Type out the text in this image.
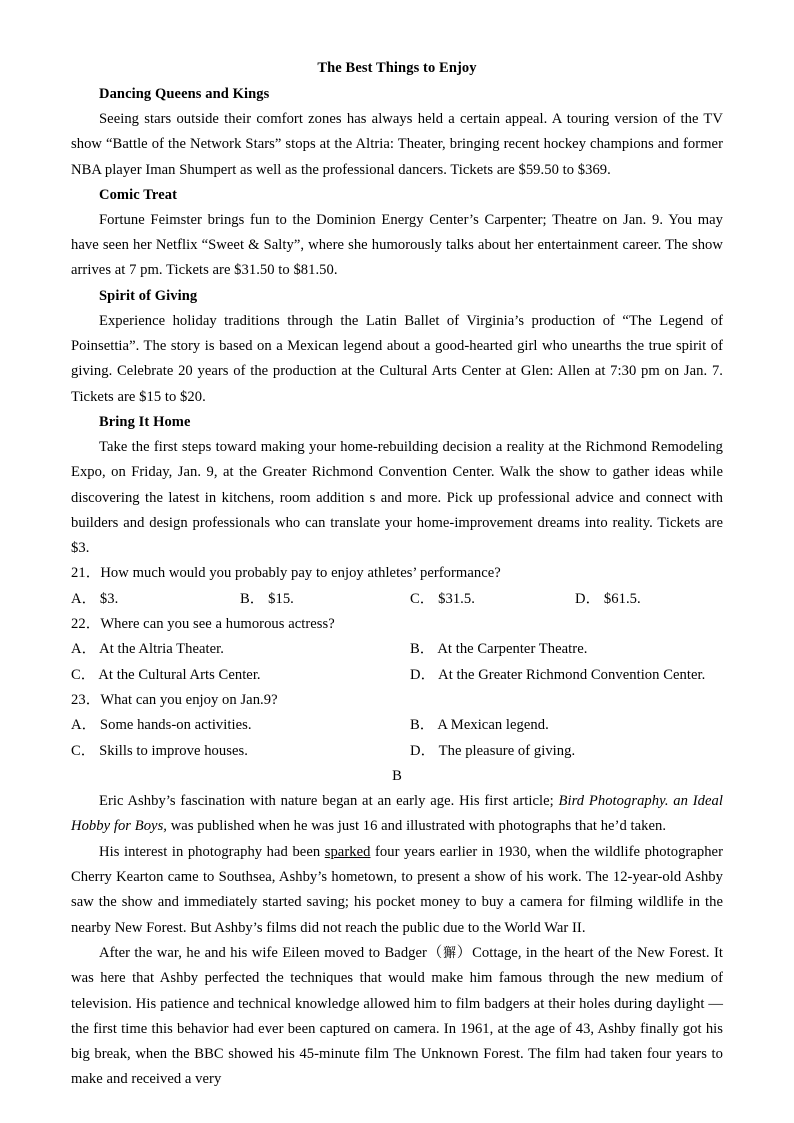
The Best Things to Enjoy
Dancing Queens and Kings

Seeing stars outside their comfort zones has always held a certain appeal. A touring version of the TV show “Battle of the Network Stars” stops at the Altria: Theater, bringing recent hockey champions and former NBA player Iman Shumpert as well as the professional dancers. Tickets are $59.50 to $369.

Comic Treat

Fortune Feimster brings fun to the Dominion Energy Center’s Carpenter; Theatre on Jan. 9. You may have seen her Netflix “Sweet & Salty”, where she humorously talks about her entertainment career. The show arrives at 7 pm. Tickets are $31.50 to $81.50.

Spirit of Giving

Experience holiday traditions through the Latin Ballet of Virginia’s production of “The Legend of Poinsettia”. The story is based on a Mexican legend about a good-hearted girl who unearths the true spirit of giving. Celebrate 20 years of the production at the Cultural Arts Center at Glen: Allen at 7:30 pm on Jan. 7. Tickets are $15 to $20.

Bring It Home

Take the first steps toward making your home-rebuilding decision a reality at the Richmond Remodeling Expo, on Friday, Jan. 9, at the Greater Richmond Convention Center. Walk the show to gather ideas while discovering the latest in kitchens, room addition s and more. Pick up professional advice and connect with builders and design professionals who can translate your home-improvement dreams into reality. Tickets are $3.

21．How much would you probably pay to enjoy athletes’ performance?
A． $3.	B． $15.	C． $31.5.	D． $61.5.
22．Where can you see a humorous actress?
A． At the Altria Theater.	B． At the Carpenter Theatre.
C． At the Cultural Arts Center.	D． At the Greater Richmond Convention Center.
23．What can you enjoy on Jan.9?
A． Some hands-on activities.	B． A Mexican legend.
C． Skills to improve houses.	D． The pleasure of giving.
B

Eric Ashby’s fascination with nature began at an early age. His first article; Bird Photography. an Ideal Hobby for Boys, was published when he was just 16 and illustrated with photographs that he’d taken.

His interest in photography had been sparked four years earlier in 1930, when the wildlife photographer Cherry Kearton came to Southsea, Ashby’s hometown, to present a show of his work. The 12-year-old Ashby saw the show and immediately started saving; his pocket money to buy a camera for filming wildlife in the nearby New Forest. But Ashby’s films did not reach the public due to the World War II.

After the war, he and his wife Eileen moved to Badger（獬）Cottage, in the heart of the New Forest. It was here that Ashby perfected the techniques that would make him famous through the new medium of television. His patience and technical knowledge allowed him to film badgers at their holes during daylight —the first time this behavior had ever been captured on camera. In 1961, at the age of 43, Ashby finally got his big break, when the BBC showed his 45-minute film The Unknown Forest. The film had taken four years to make and received a very
